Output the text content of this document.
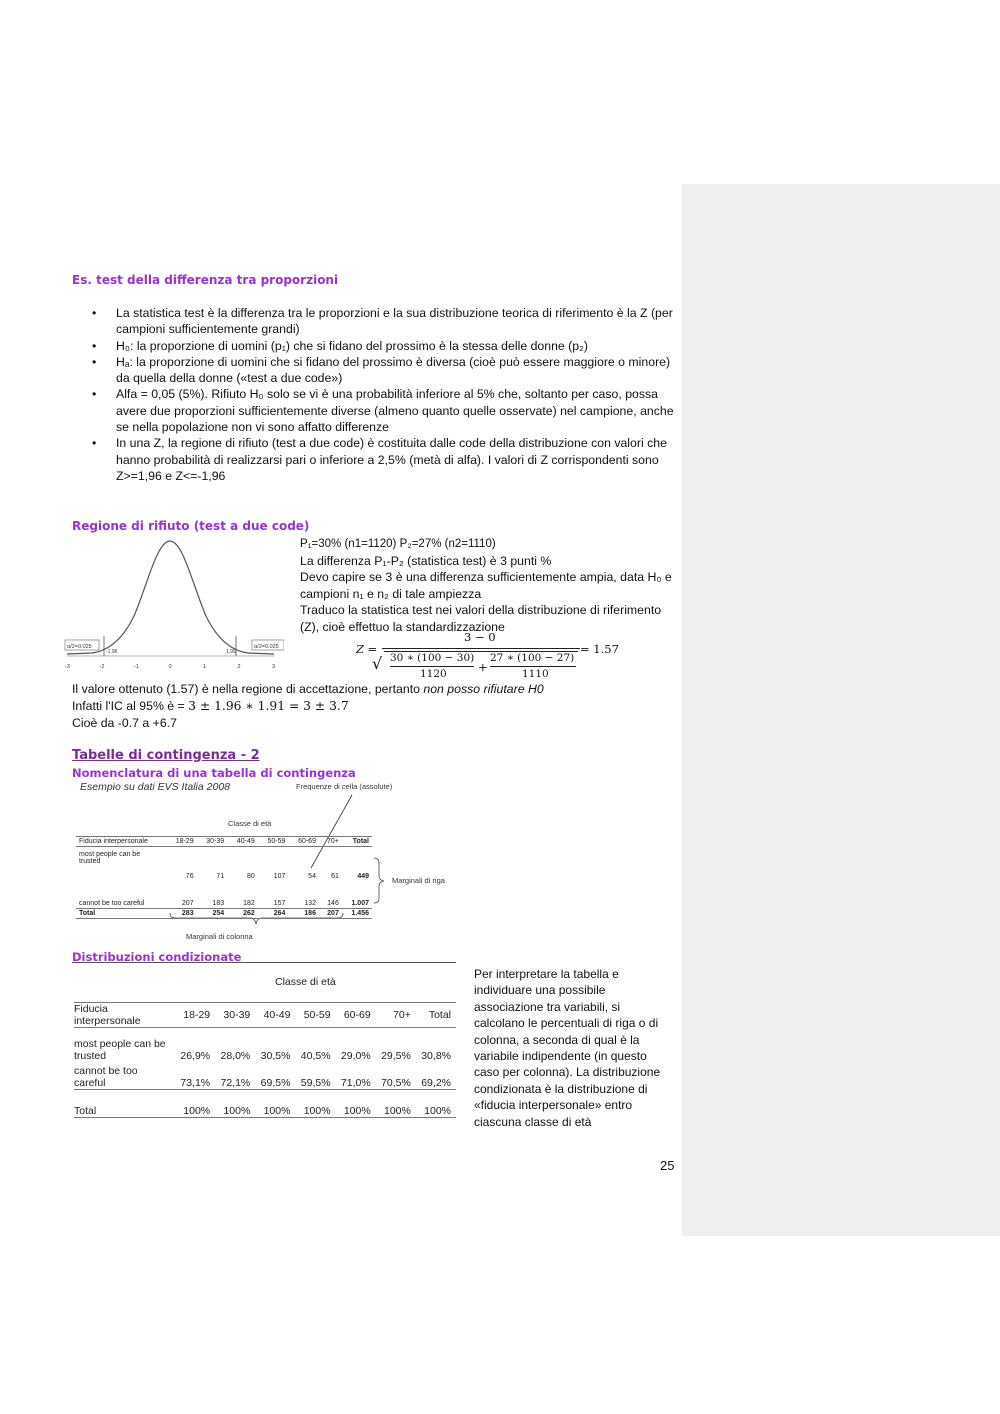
Es. test della differenza tra proporzioni
• La statistica test è la differenza tra le proporzioni e la sua distribuzione teorica di riferimento è la Z (per campioni sufficientemente grandi)
• H₀: la proporzione di uomini (p₁) che si fidano del prossimo è la stessa delle donne (p₂)
• Hₐ: la proporzione di uomini che si fidano del prossimo è diversa (cioè può essere maggiore o minore) da quella della donne («test a due code»)
• Alfa = 0,05 (5%). Rifiuto H₀ solo se vi è una probabilità inferiore al 5% che, soltanto per caso, possa avere due proporzioni sufficientemente diverse (almeno quanto quelle osservate) nel campione, anche se nella popolazione non vi sono affatto differenze
• In una Z, la regione di rifiuto (test a due code) è costituita dalle code della distribuzione con valori che hanno probabilità di realizzarsi pari o inferiore a 2,5% (metà di alfa). I valori di Z corrispondenti sono Z>=1,96 e Z<=-1,96
Regione di rifiuto (test a due code)
α/2=0.025	α/2=0.025
-1.96	1.96
-3	-2	-1	0	1	2	3
P₁=30% (n1=1120) P₂=27% (n2=1110)
La differenza P₁-P₂ (statistica test) è 3 punti %
Devo capire se 3 è una differenza sufficientemente ampia, data H₀ e campioni n₁ e n₂ di tale ampiezza
Traduco la statistica test nei valori della distribuzione di riferimento (Z), cioè effettuo la standardizzazione
Z =
3 − 0
√ 30 ∗ (100 − 30)
1120	+
27 ∗ (100 − 27)
1110
= 1.57
Il valore ottenuto (1.57) è nella regione di accettazione, pertanto non posso rifiutare H0
Infatti l'IC al 95% è = 3 ± 1.96 ∗ 1.91 = 3 ± 3.7
Cioè da -0.7 a +6.7
Tabelle di contingenza - 2
Nomenclatura di una tabella di contingenza
Esempio su dati EVS Italia 2008	Frequenze di cella (assolute)
Classe di età
Fiducia interpersonale	18-29	30-39	40-49	50-59	60-69	70+	Total
most people can be trusted	76	71	80	107	54	61	449
cannot be too careful	207	183	182	157	132	146	1.007
Total	283	254	262	264	186	207	1.456
Marginali di riga
Marginali di colonna
Distribuzioni condizionate
Classe di età
Fiducia interpersonale	18-29	30-39	40-49	50-59	60-69	70+	Total
most people can be trusted	26,9%	28,0%	30,5%	40,5%	29,0%	29,5%	30,8%
cannot be too careful	73,1%	72,1%	69,5%	59,5%	71,0%	70,5%	69,2%
Total	100%	100%	100%	100%	100%	100%	100%
Per interpretare la tabella e individuare una possibile associazione tra variabili, si calcolano le percentuali di riga o di colonna, a seconda di qual è la variabile indipendente (in questo caso per colonna). La distribuzione condizionata è la distribuzione di «fiducia interpersonale» entro ciascuna classe di età
25
